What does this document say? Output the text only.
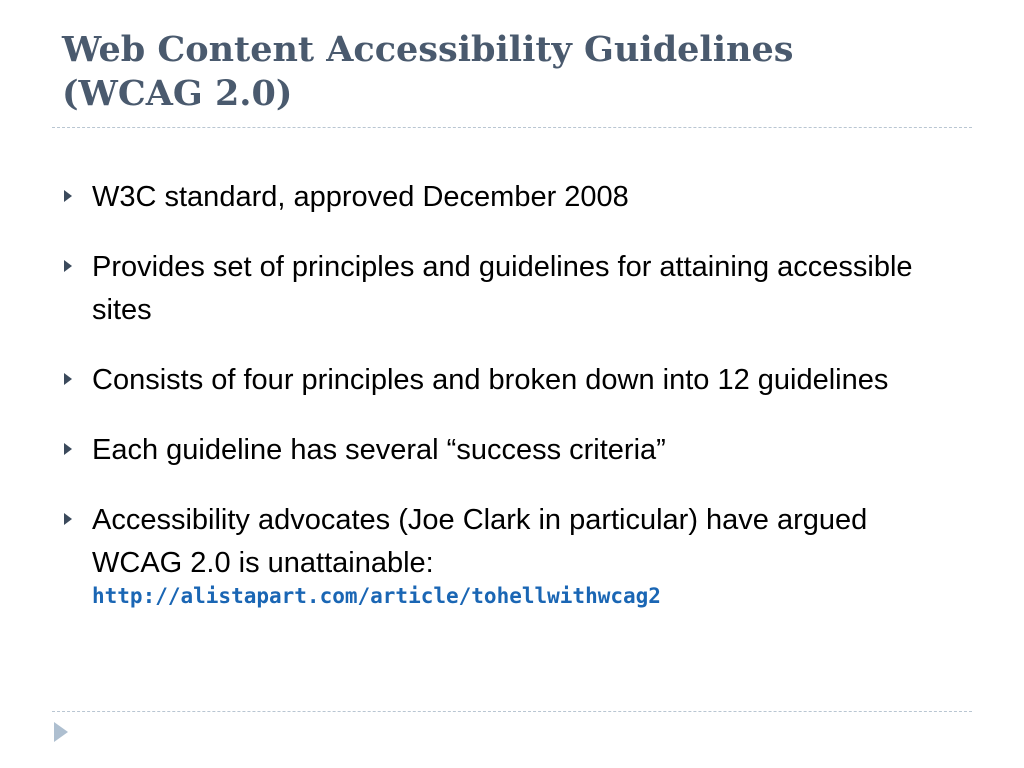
Web Content Accessibility Guidelines
(WCAG 2.0)
W3C standard, approved December 2008
Provides set of principles and guidelines for attaining accessible sites
Consists of four principles and broken down into 12 guidelines
Each guideline has several “success criteria”
Accessibility advocates (Joe Clark in particular) have argued WCAG 2.0 is unattainable:
http://alistapart.com/article/tohellwithwcag2
